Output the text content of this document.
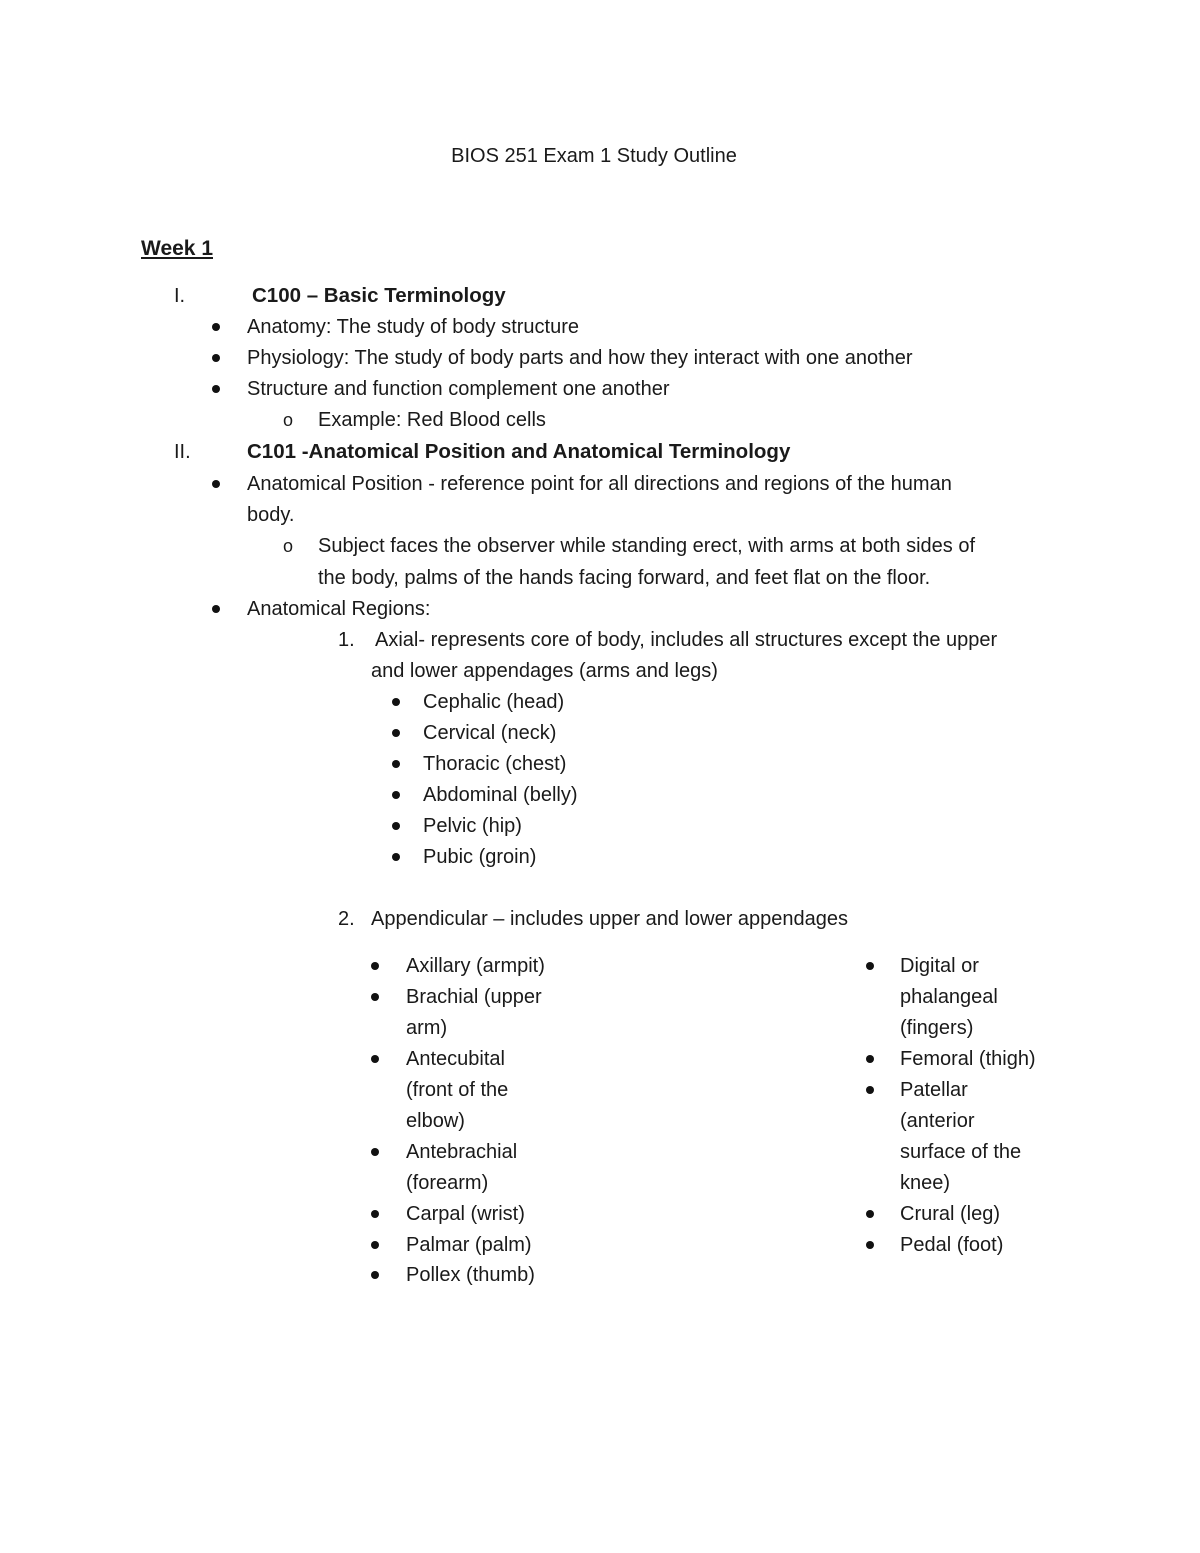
BIOS 251 Exam 1 Study Outline
Week 1
I.	C100 – Basic Terminology
Anatomy: The study of body structure
Physiology: The study of body parts and how they interact with one another
Structure and function complement one another
o Example: Red Blood cells
II.	C101 -Anatomical Position and Anatomical Terminology
Anatomical Position - reference point for all directions and regions of the human
body.
o Subject faces the observer while standing erect, with arms at both sides of
the body, palms of the hands facing forward, and feet flat on the floor.
Anatomical Regions:
1. Axial- represents core of body, includes all structures except the upper
and lower appendages (arms and legs)
Cephalic (head)
Cervical (neck)
Thoracic (chest)
Abdominal (belly)
Pelvic (hip)
Pubic (groin)
2. Appendicular – includes upper and lower appendages
Axillary (armpit)
Brachial (upper
arm)
Antecubital
(front of the
elbow)
Antebrachial
(forearm)
Carpal (wrist)
Palmar (palm)
Pollex (thumb)
Digital or
phalangeal
(fingers)
Femoral (thigh)
Patellar
(anterior
surface of the
knee)
Crural (leg)
Pedal (foot)
